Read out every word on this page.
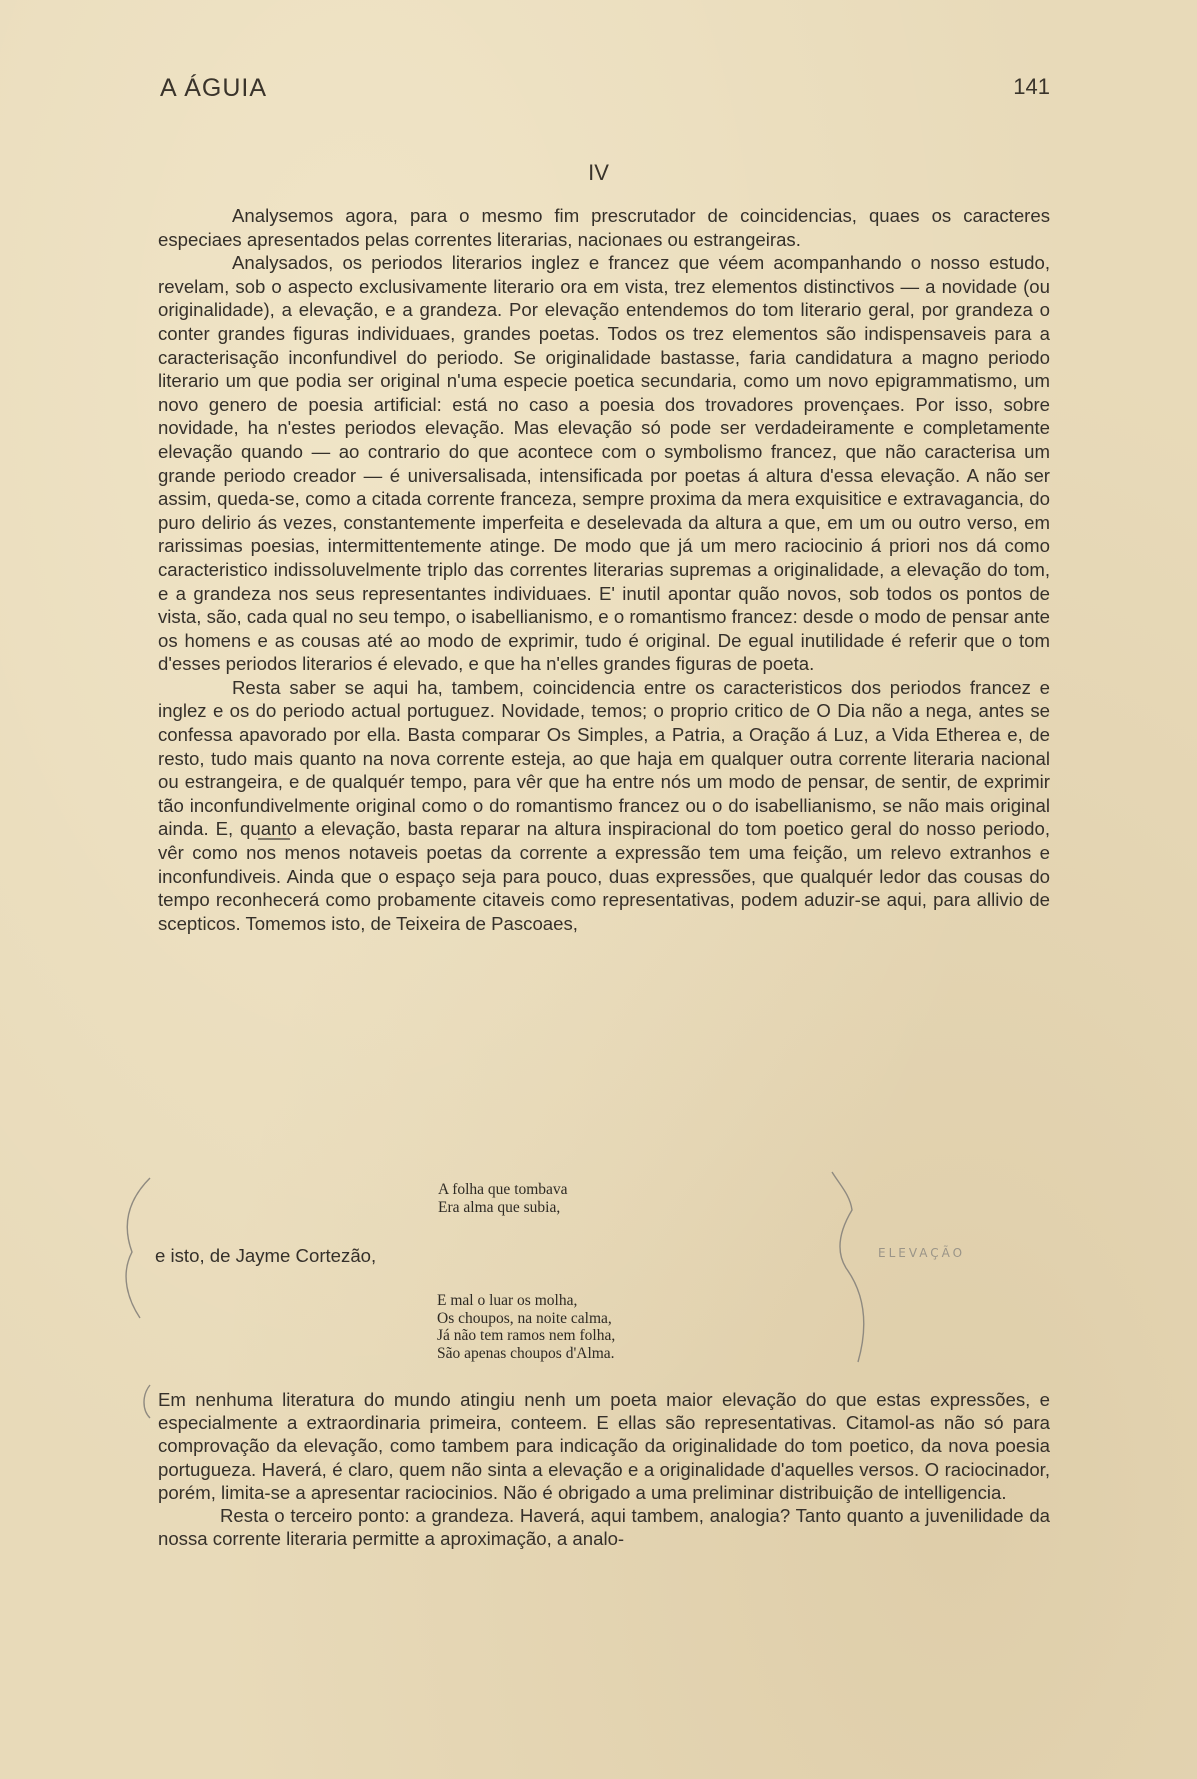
A ÁGUIA	141
IV

Analysemos agora, para o mesmo fim prescrutador de coincidencias, quaes os caracteres especiaes apresentados pelas correntes literarias, nacionaes ou estrangeiras.

Analysados, os periodos literarios inglez e francez que véem acompanhando o nosso estudo, revelam, sob o aspecto exclusivamente literario ora em vista, trez elementos distinctivos — a novidade (ou originalidade), a elevação, e a grandeza. Por elevação entendemos do tom literario geral, por grandeza o conter grandes figuras individuaes, grandes poetas. Todos os trez elementos são indispensaveis para a caracterisação inconfundivel do periodo. Se originalidade bastasse, faria candidatura a magno periodo literario um que podia ser original n'uma especie poetica secundaria, como um novo epigrammatismo, um novo genero de poesia artificial: está no caso a poesia dos trovadores provençaes. Por isso, sobre novidade, ha n'estes periodos elevação. Mas elevação só pode ser verdadeiramente e completamente elevação quando — ao contrario do que acontece com o symbolismo francez, que não caracterisa um grande periodo creador — é universalisada, intensificada por poetas á altura d'essa elevação. A não ser assim, queda-se, como a citada corrente franceza, sempre proxima da mera exquisitice e extravagancia, do puro delirio ás vezes, constantemente imperfeita e deselevada da altura a que, em um ou outro verso, em rarissimas poesias, intermittentemente atinge. De modo que já um mero raciocinio á priori nos dá como caracteristico indissoluvelmente triplo das correntes literarias supremas a originalidade, a elevação do tom, e a grandeza nos seus representantes individuaes. E' inutil apontar quão novos, sob todos os pontos de vista, são, cada qual no seu tempo, o isabellianismo, e o romantismo francez: desde o modo de pensar ante os homens e as cousas até ao modo de exprimir, tudo é original. De egual inutilidade é referir que o tom d'esses periodos literarios é elevado, e que ha n'elles grandes figuras de poeta.

Resta saber se aqui ha, tambem, coincidencia entre os caracteristicos dos periodos francez e inglez e os do periodo actual portuguez. Novidade, temos; o proprio critico de O Dia não a nega, antes se confessa apavorado por ella. Basta comparar Os Simples, a Patria, a Oração á Luz, a Vida Etherea e, de resto, tudo mais quanto na nova corrente esteja, ao que haja em qualquer outra corrente literaria nacional ou estrangeira, e de qualquér tempo, para vêr que ha entre nós um modo de pensar, de sentir, de exprimir tão inconfundivelmente original como o do romantismo francez ou o do isabellianismo, se não mais original ainda. E, quanto a elevação, basta reparar na altura inspiracional do tom poetico geral do nosso periodo, vêr como nos menos notaveis poetas da corrente a expressão tem uma feição, um relevo extranhos e inconfundiveis. Ainda que o espaço seja para pouco, duas expressões, que qualquér ledor das cousas do tempo reconhecerá como probamente citaveis como representativas, podem aduzir-se aqui, para allivio de scepticos. Tomemos isto, de Teixeira de Pascoaes,

A folha que tombava
Era alma que subia,
e isto, de Jayme Cortezão,
E mal o luar os molha,
Os choupos, na noite calma,
Já não tem ramos nem folha,
São apenas choupos d'Alma.

Em nenhuma literatura do mundo atingiu nenh um poeta maior elevação do que estas expressões, e especialmente a extraordinaria primeira, conteem. E ellas são representativas. Citamol-as não só para comprovação da elevação, como tambem para indicação da originalidade do tom poetico, da nova poesia portugueza. Haverá, é claro, quem não sinta a elevação e a originalidade d'aquelles versos. O raciocinador, porém, limita-se a apresentar raciocinios. Não é obrigado a uma preliminar distribuição de intelligencia.

Resta o terceiro ponto: a grandeza. Haverá, aqui tambem, analogia? Tanto quanto a juvenilidade da nossa corrente literaria permitte a aproximação, a analo-

ELEVAÇÃO
